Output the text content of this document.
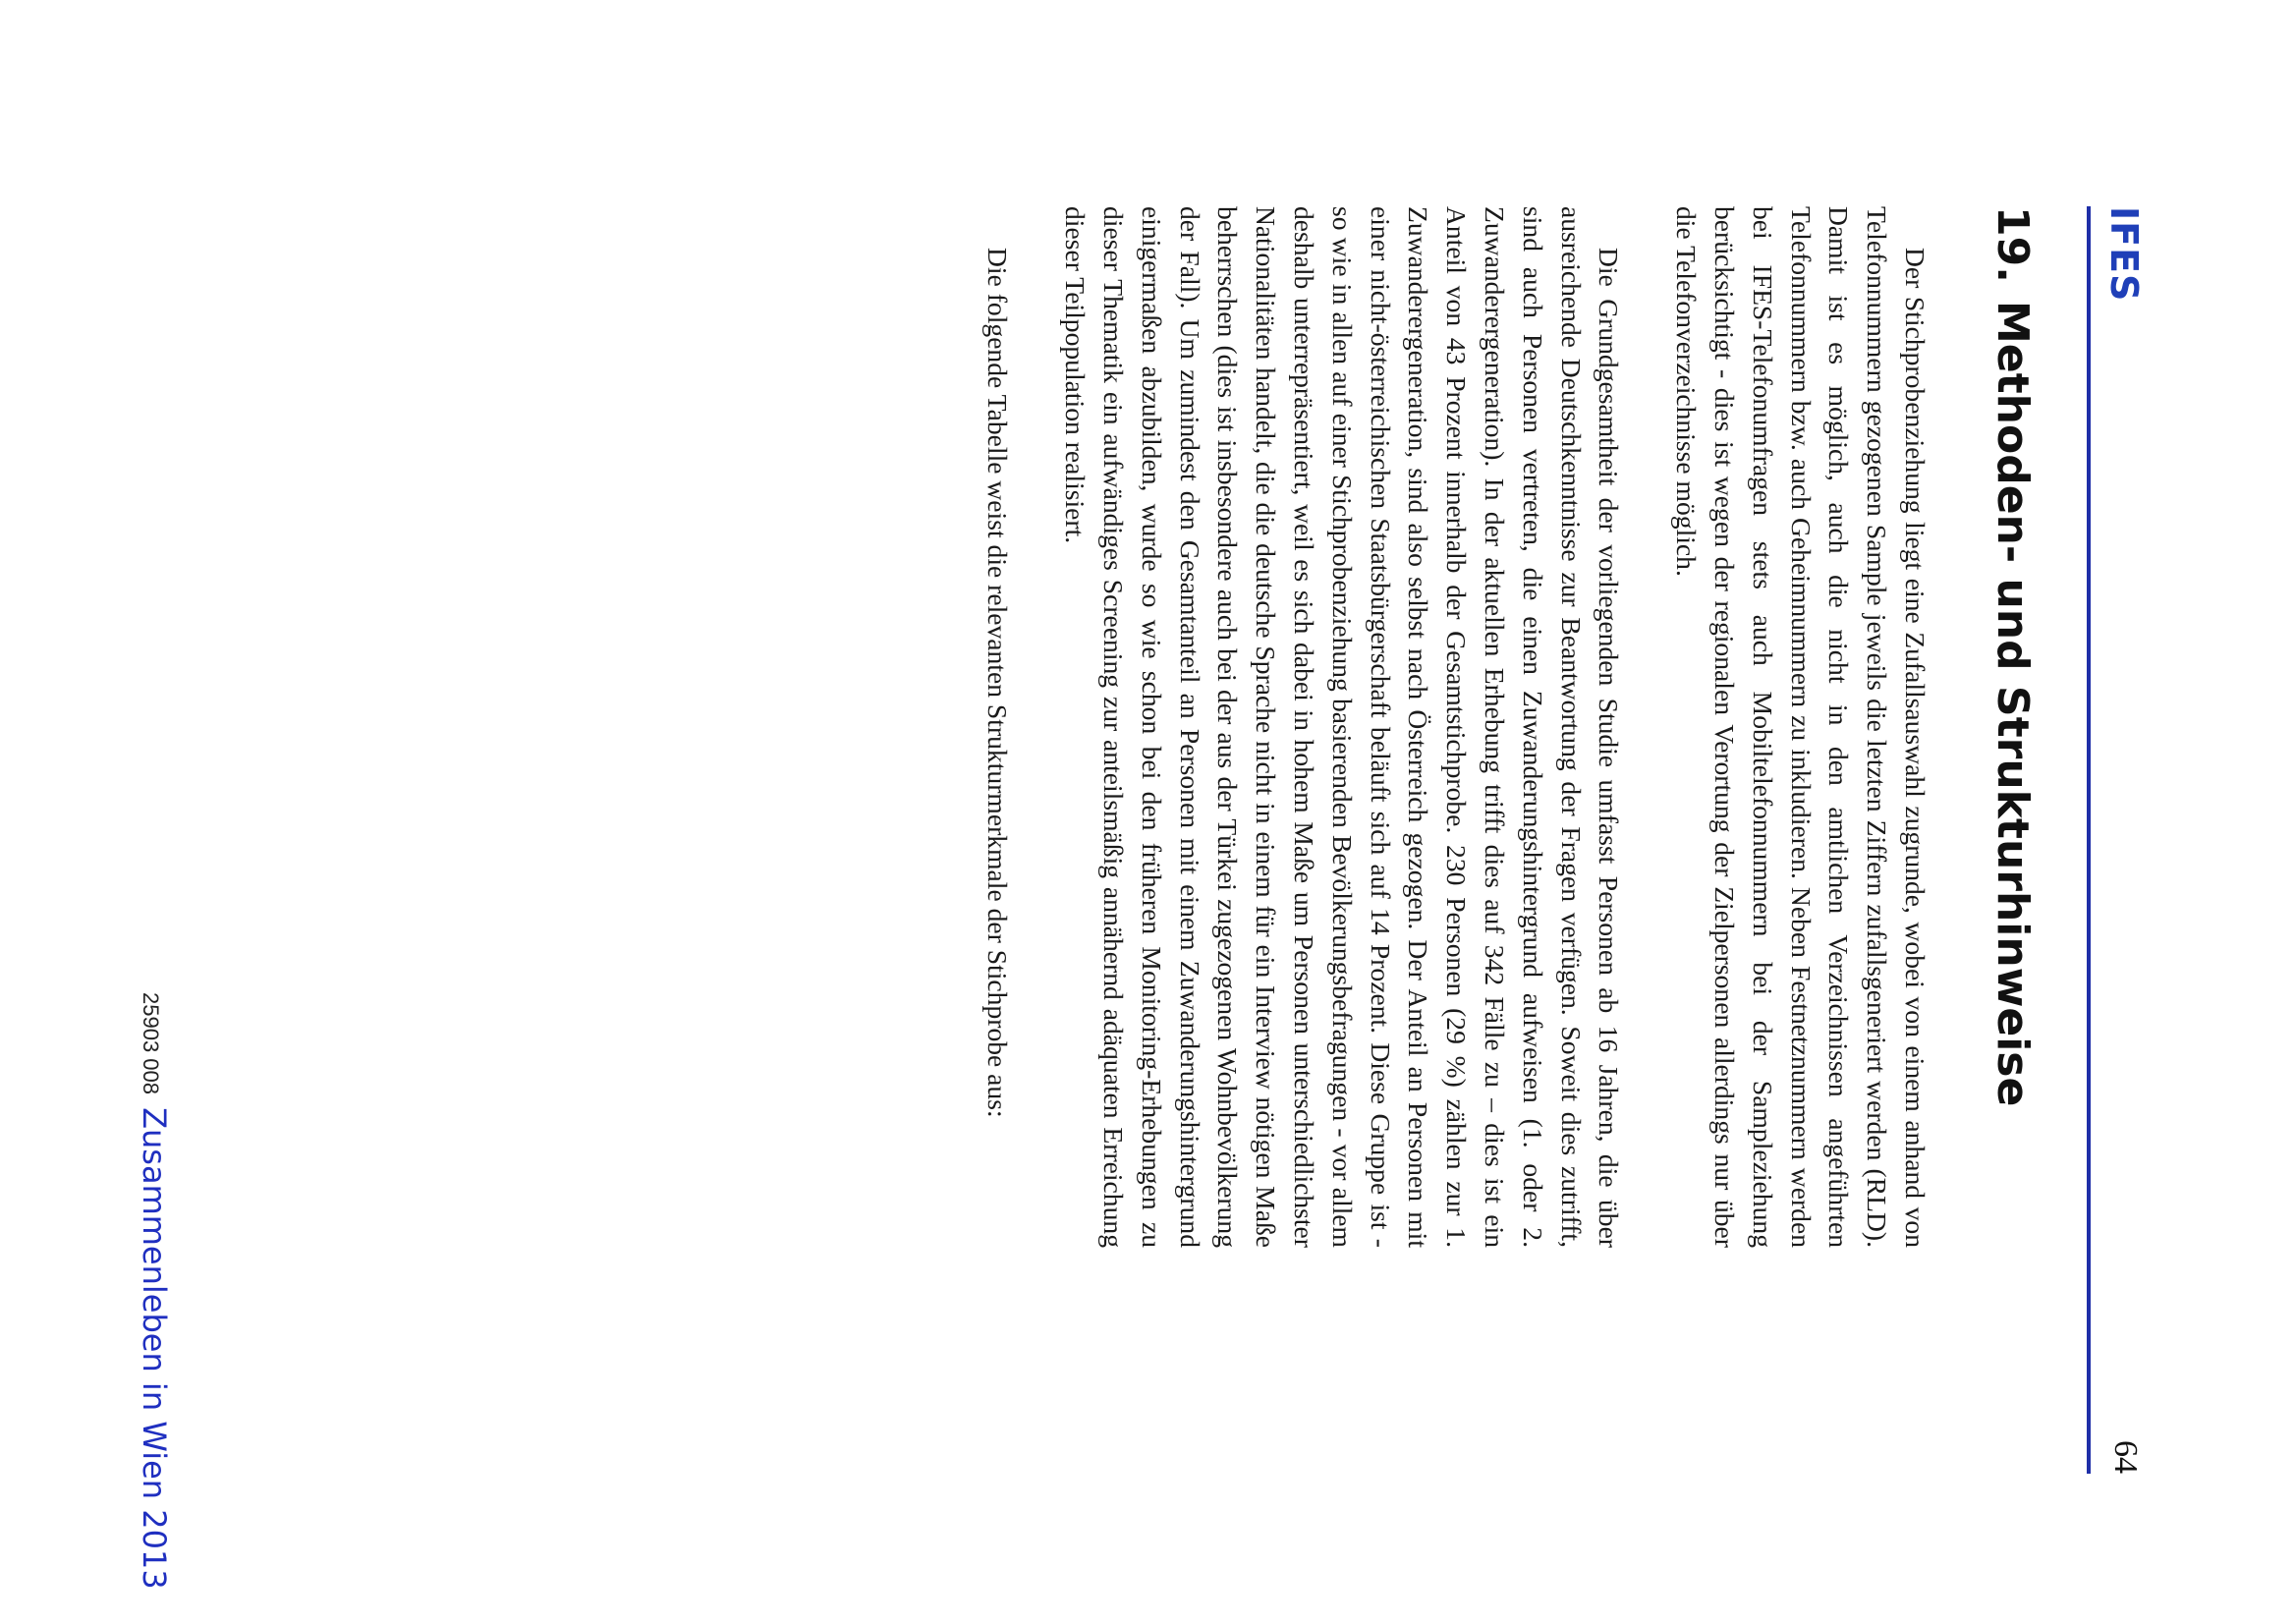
IFES
64
19.Methoden- und Strukturhinweise

Der Stichprobenziehung liegt eine Zufallsauswahl zugrunde, wobei von einem anhand von Telefonnummern gezogenen Sample jeweils die letzten Ziffern zufallsgeneriert werden (RLD). Damit ist es möglich, auch die nicht in den amtlichen Verzeichnissen angeführten Telefonnummern bzw. auch Geheimnummern zu inkludieren. Neben Festnetznummern werden bei IFES-Telefonumfragen stets auch Mobiltelefonnummern bei der Sampleziehung berücksichtigt - dies ist wegen der regionalen Verortung der Zielpersonen allerdings nur über die Telefonverzeichnisse möglich.

Die Grundgesamtheit der vorliegenden Studie umfasst Personen ab 16 Jahren, die über ausreichende Deutschkenntnisse zur Beantwortung der Fragen verfügen. Soweit dies zutrifft, sind auch Personen vertreten, die einen Zuwanderungshintergrund aufweisen (1. oder 2. Zuwanderergeneration). In der aktuellen Erhebung trifft dies auf 342 Fälle zu – dies ist ein Anteil von 43 Prozent innerhalb der Gesamtstichprobe. 230 Personen (29 %) zählen zur 1. Zuwanderergeneration, sind also selbst nach Österreich gezogen. Der Anteil an Personen mit einer nicht-österreichischen Staatsbürgerschaft beläuft sich auf 14 Prozent. Diese Gruppe ist - so wie in allen auf einer Stichprobenziehung basierenden Bevölkerungsbefragungen - vor allem deshalb unterrepräsentiert, weil es sich dabei in hohem Maße um Personen unterschiedlichster Nationalitäten handelt, die die deutsche Sprache nicht in einem für ein Interview nötigen Maße beherrschen (dies ist insbesondere auch bei der aus der Türkei zugezogenen Wohnbevölkerung der Fall). Um zumindest den Gesamtanteil an Personen mit einem Zuwanderungshintergrund einigermaßen abzubilden, wurde so wie schon bei den früheren Monitoring-Erhebungen zu dieser Thematik ein aufwändiges Screening zur anteilsmäßig annähernd adäquaten Erreichung dieser Teilpopulation realisiert.

Die folgende Tabelle weist die relevanten Strukturmerkmale der Stichprobe aus:

25903 008 Zusammenleben in Wien 2013
